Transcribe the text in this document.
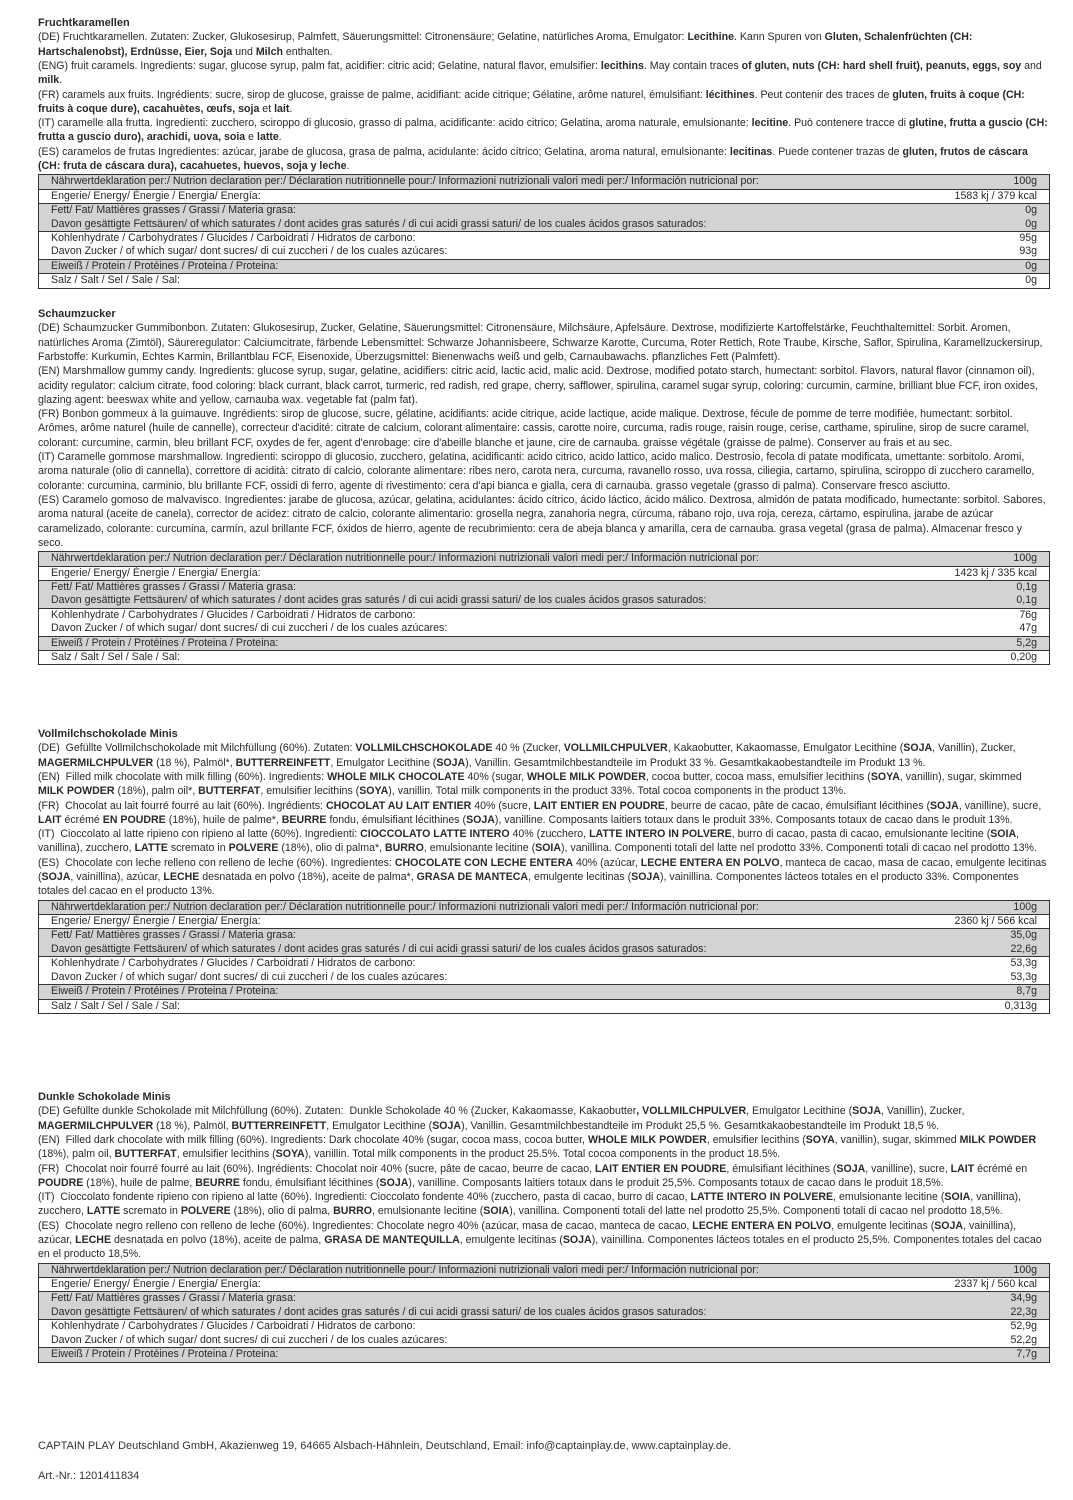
Fruchtkaramellen
(DE) Fruchtkaramellen. Zutaten: Zucker, Glukosesirup, Palmfett, Säuerungsmittel: Citronensäure; Gelatine, natürliches Aroma, Emulgator: Lecithine. Kann Spuren von Gluten, Schalenfrüchten (CH: Hartschalenobst), Erdnüsse, Eier, Soja und Milch enthalten.
(ENG) fruit caramels. Ingredients: sugar, glucose syrup, palm fat, acidifier: citric acid; Gelatine, natural flavor, emulsifier: lecithins. May contain traces of gluten, nuts (CH: hard shell fruit), peanuts, eggs, soy and milk.
(FR) caramels aux fruits. Ingrédients: sucre, sirop de glucose, graisse de palme, acidifiant: acide citrique; Gélatine, arôme naturel, émulsifiant: lécithines. Peut contenir des traces de gluten, fruits à coque (CH: fruits à coque dure), cacahuètes, œufs, soja et lait.
(IT) caramelle alla frutta. Ingredienti: zucchero, sciroppo di glucosio, grasso di palma, acidificante: acido citrico; Gelatina, aroma naturale, emulsionante: lecitine. Può contenere tracce di glutine, frutta a guscio (CH: frutta a guscio duro), arachidi, uova, soia e latte.
(ES) caramelos de frutas Ingredientes: azúcar, jarabe de glucosa, grasa de palma, acidulante: ácido cítrico; Gelatina, aroma natural, emulsionante: lecitinas. Puede contener trazas de gluten, frutos de cáscara (CH: fruta de cáscara dura), cacahuetes, huevos, soja y leche.
Nährwertdeklaration per:/ Nutrion declaration per:/ Déclaration nutritionnelle pour:/ Informazioni nutrizionali valori medi per:/ Información nutricional por:	100g
Engerie/ Energy/ Énergie / Energia/ Energía:	1583 kj / 379 kcal
Fett/ Fat/ Mattières grasses / Grassi / Materia grasa:	0g
Davon gesättigte Fettsäuren/ of which saturates / dont acides gras saturés / di cui acidi grassi saturi/ de los cuales ácidos grasos saturados:	0g
Kohlenhydrate / Carbohydrates / Glucides / Carboidrati / Hidratos de carbono:	95g
Davon Zucker / of which sugar/ dont sucres/ di cui zuccheri / de los cuales azúcares:	93g
Eiweiß / Protein / Protéines / Proteina / Proteina:	0g
Salz / Salt / Sel / Sale / Sal:	0g
Schaumzucker
(DE) Schaumzucker Gummibonbon. Zutaten: Glukosesirup, Zucker, Gelatine, Säuerungsmittel: Citronensäure, Milchsäure, Apfelsäure. Dextrose, modifizierte Kartoffelstärke, Feuchthaltemittel: Sorbit. Aromen, natürliches Aroma (Zimtöl), Säureregulator: Calciumcitrate, färbende Lebensmittel: Schwarze Johannisbeere, Schwarze Karotte, Curcuma, Roter Rettich, Rote Traube, Kirsche, Saflor, Spirulina, Karamellzuckersirup, Farbstoffe: Kurkumin, Echtes Karmin, Brillantblau FCF, Eisenoxide, Überzugsmittel: Bienenwachs weiß und gelb, Carnaubawachs. pflanzliches Fett (Palmfett).
(EN) Marshmallow gummy candy. Ingredients: glucose syrup, sugar, gelatine, acidifiers: citric acid, lactic acid, malic acid. Dextrose, modified potato starch, humectant: sorbitol. Flavors, natural flavor (cinnamon oil), acidity regulator: calcium citrate, food coloring: black currant, black carrot, turmeric, red radish, red grape, cherry, safflower, spirulina, caramel sugar syrup, coloring: curcumin, carmine, brilliant blue FCF, iron oxides, glazing agent: beeswax white and yellow, carnauba wax. vegetable fat (palm fat).
(FR) Bonbon gommeux à la guimauve. Ingrédients: sirop de glucose, sucre, gélatine, acidifiants: acide citrique, acide lactique, acide malique. Dextrose, fécule de pomme de terre modifiée, humectant: sorbitol. Arômes, arôme naturel (huile de cannelle), correcteur d'acidité: citrate de calcium, colorant alimentaire: cassis, carotte noire, curcuma, radis rouge, raisin rouge, cerise, carthame, spiruline, sirop de sucre caramel, colorant: curcumine, carmin, bleu brillant FCF, oxydes de fer, agent d'enrobage: cire d'abeille blanche et jaune, cire de carnauba. graisse végétale (graisse de palme). Conserver au frais et au sec.
(IT) Caramelle gommose marshmallow. Ingredienti: sciroppo di glucosio, zucchero, gelatina, acidificanti: acido citrico, acido lattico, acido malico. Destrosio, fecola di patate modificata, umettante: sorbitolo. Aromi, aroma naturale (olio di cannella), correttore di acidità: citrato di calcio, colorante alimentare: ribes nero, carota nera, curcuma, ravanello rosso, uva rossa, ciliegia, cartamo, spirulina, sciroppo di zucchero caramello, colorante: curcumina, carminio, blu brillante FCF, ossidi di ferro, agente di rivestimento: cera d'api bianca e gialla, cera di carnauba. grasso vegetale (grasso di palma). Conservare fresco asciutto.
(ES) Caramelo gomoso de malvavisco. Ingredientes: jarabe de glucosa, azúcar, gelatina, acidulantes: ácido cítrico, ácido láctico, ácido málico. Dextrosa, almidón de patata modificado, humectante: sorbitol. Sabores, aroma natural (aceite de canela), corrector de acidez: citrato de calcio, colorante alimentario: grosella negra, zanahoria negra, cúrcuma, rábano rojo, uva roja, cereza, cártamo, espirulina, jarabe de azúcar caramelizado, colorante: curcumina, carmín, azul brillante FCF, óxidos de hierro, agente de recubrimiento: cera de abeja blanca y amarilla, cera de carnauba. grasa vegetal (grasa de palma). Almacenar fresco y seco.
Nährwertdeklaration per:/ Nutrion declaration per:/ Déclaration nutritionnelle pour:/ Informazioni nutrizionali valori medi per:/ Información nutricional por:	100g
Engerie/ Energy/ Énergie / Energia/ Energía:	1423 kj / 335 kcal
Fett/ Fat/ Mattières grasses / Grassi / Materia grasa:	0,1g
Davon gesättigte Fettsäuren/ of which saturates / dont acides gras saturés / di cui acidi grassi saturi/ de los cuales ácidos grasos saturados:	0,1g
Kohlenhydrate / Carbohydrates / Glucides / Carboidrati / Hidratos de carbono:	76g
Davon Zucker / of which sugar/ dont sucres/ di cui zuccheri / de los cuales azúcares:	47g
Eiweiß / Protein / Protéines / Proteina / Proteina:	5,2g
Salz / Salt / Sel / Sale / Sal:	0,20g
Vollmilchschokolade Minis
(DE)  Gefüllte Vollmilchschokolade mit Milchfüllung (60%). Zutaten: VOLLMILCHSCHOKOLADE 40 % (Zucker, VOLLMILCHPULVER, Kakaobutter, Kakaomasse, Emulgator Lecithine (SOJA, Vanillin), Zucker, MAGERMILCHPULVER (18 %), Palmöl*, BUTTERREINFETT, Emulgator Lecithine (SOJA), Vanillin. Gesamtmilchbestandteile im Produkt 33 %. Gesamtkakaobestandteile im Produkt 13 %.
(EN)  Filled milk chocolate with milk filling (60%). Ingredients: WHOLE MILK CHOCOLATE 40% (sugar, WHOLE MILK POWDER, cocoa butter, cocoa mass, emulsifier lecithins (SOYA, vanillin), sugar, skimmed MILK POWDER (18%), palm oil*, BUTTERFAT, emulsifier lecithins (SOYA), vanillin. Total milk components in the product 33%. Total cocoa components in the product 13%.
(FR)  Chocolat au lait fourré fourré au lait (60%). Ingrédients: CHOCOLAT AU LAIT ENTIER 40% (sucre, LAIT ENTIER EN POUDRE, beurre de cacao, pâte de cacao, émulsifiant lécithines (SOJA, vanilline), sucre, LAIT écrémé EN POUDRE (18%), huile de palme*, BEURRE fondu, émulsifiant lécithines (SOJA), vanilline. Composants laitiers totaux dans le produit 33%. Composants totaux de cacao dans le produit 13%.
(IT)  Cioccolato al latte ripieno con ripieno al latte (60%). Ingredienti: CIOCCOLATO LATTE INTERO 40% (zucchero, LATTE INTERO IN POLVERE, burro di cacao, pasta di cacao, emulsionante lecitine (SOIA, vanillina), zucchero, LATTE scremato in POLVERE (18%), olio di palma*, BURRO, emulsionante lecitine (SOIA), vanillina. Componenti totali del latte nel prodotto 33%. Componenti totali di cacao nel prodotto 13%.
(ES)  Chocolate con leche relleno con relleno de leche (60%). Ingredientes: CHOCOLATE CON LECHE ENTERA 40% (azúcar, LECHE ENTERA EN POLVO, manteca de cacao, masa de cacao, emulgente lecitinas (SOJA, vainillina), azúcar, LECHE desnatada en polvo (18%), aceite de palma*, GRASA DE MANTECA, emulgente lecitinas (SOJA), vainillina. Componentes lácteos totales en el producto 33%. Componentes totales del cacao en el producto 13%.
Nährwertdeklaration per:/ Nutrion declaration per:/ Déclaration nutritionnelle pour:/ Informazioni nutrizionali valori medi per:/ Información nutricional por:	100g
Engerie/ Energy/ Énergie / Energia/ Energía:	2360 kj / 566 kcal
Fett/ Fat/ Mattières grasses / Grassi / Materia grasa:	35,0g
Davon gesättigte Fettsäuren/ of which saturates / dont acides gras saturés / di cui acidi grassi saturi/ de los cuales ácidos grasos saturados:	22,6g
Kohlenhydrate / Carbohydrates / Glucides / Carboidrati / Hidratos de carbono:	53,3g
Davon Zucker / of which sugar/ dont sucres/ di cui zuccheri / de los cuales azúcares:	53,3g
Eiweiß / Protein / Protéines / Proteina / Proteina:	8,7g
Salz / Salt / Sel / Sale / Sal:	0,313g
Dunkle Schokolade Minis
(DE) Gefüllte dunkle Schokolade mit Milchfüllung (60%). Zutaten:  Dunkle Schokolade 40 % (Zucker, Kakaomasse, Kakaobutter, VOLLMILCHPULVER, Emulgator Lecithine (SOJA, Vanillin), Zucker, MAGERMILCHPULVER (18 %), Palmöl, BUTTERREINFETT, Emulgator Lecithine (SOJA), Vanillin. Gesamtmilchbestandteile im Produkt 25,5 %. Gesamtkakaobestandteile im Produkt 18,5 %.
(EN)  Filled dark chocolate with milk filling (60%). Ingredients: Dark chocolate 40% (sugar, cocoa mass, cocoa butter, WHOLE MILK POWDER, emulsifier lecithins (SOYA, vanillin), sugar, skimmed MILK POWDER (18%), palm oil, BUTTERFAT, emulsifier lecithins (SOYA), vanillin. Total milk components in the product 25.5%. Total cocoa components in the product 18.5%.
(FR)  Chocolat noir fourré fourré au lait (60%). Ingrédients: Chocolat noir 40% (sucre, pâte de cacao, beurre de cacao, LAIT ENTIER EN POUDRE, émulsifiant lécithines (SOJA, vanilline), sucre, LAIT écrémé en POUDRE (18%), huile de palme, BEURRE fondu, émulsifiant lécithines (SOJA), vanilline. Composants laitiers totaux dans le produit 25,5%. Composants totaux de cacao dans le produit 18,5%.
(IT)  Cioccolato fondente ripieno con ripieno al latte (60%). Ingredienti: Cioccolato fondente 40% (zucchero, pasta di cacao, burro di cacao, LATTE INTERO IN POLVERE, emulsionante lecitine (SOIA, vanillina), zucchero, LATTE scremato in POLVERE (18%), olio di palma, BURRO, emulsionante lecitine (SOIA), vanillina. Componenti totali del latte nel prodotto 25,5%. Componenti totali di cacao nel prodotto 18,5%.
(ES)  Chocolate negro relleno con relleno de leche (60%). Ingredientes: Chocolate negro 40% (azúcar, masa de cacao, manteca de cacao, LECHE ENTERA EN POLVO, emulgente lecitinas (SOJA, vainillina), azúcar, LECHE desnatada en polvo (18%), aceite de palma, GRASA DE MANTEQUILLA, emulgente lecitinas (SOJA), vainillina. Componentes lácteos totales en el producto 25,5%. Componentes totales del cacao en el producto 18,5%.
Nährwertdeklaration per:/ Nutrion declaration per:/ Déclaration nutritionnelle pour:/ Informazioni nutrizionali valori medi per:/ Información nutricional por:	100g
Engerie/ Energy/ Énergie / Energia/ Energía:	2337 kj / 560 kcal
Fett/ Fat/ Mattières grasses / Grassi / Materia grasa:	34,9g
Davon gesättigte Fettsäuren/ of which saturates / dont acides gras saturés / di cui acidi grassi saturi/ de los cuales ácidos grasos saturados:	22,3g
Kohlenhydrate / Carbohydrates / Glucides / Carboidrati / Hidratos de carbono:	52,9g
Davon Zucker / of which sugar/ dont sucres/ di cui zuccheri / de los cuales azúcares:	52,2g
Eiweiß / Protein / Protéines / Proteina / Proteina:	7,7g
CAPTAIN PLAY Deutschland GmbH, Akazienweg 19, 64665 Alsbach-Hähnlein, Deutschland, Email: info@captainplay.de, www.captainplay.de.
Art.-Nr.: 1201411834
